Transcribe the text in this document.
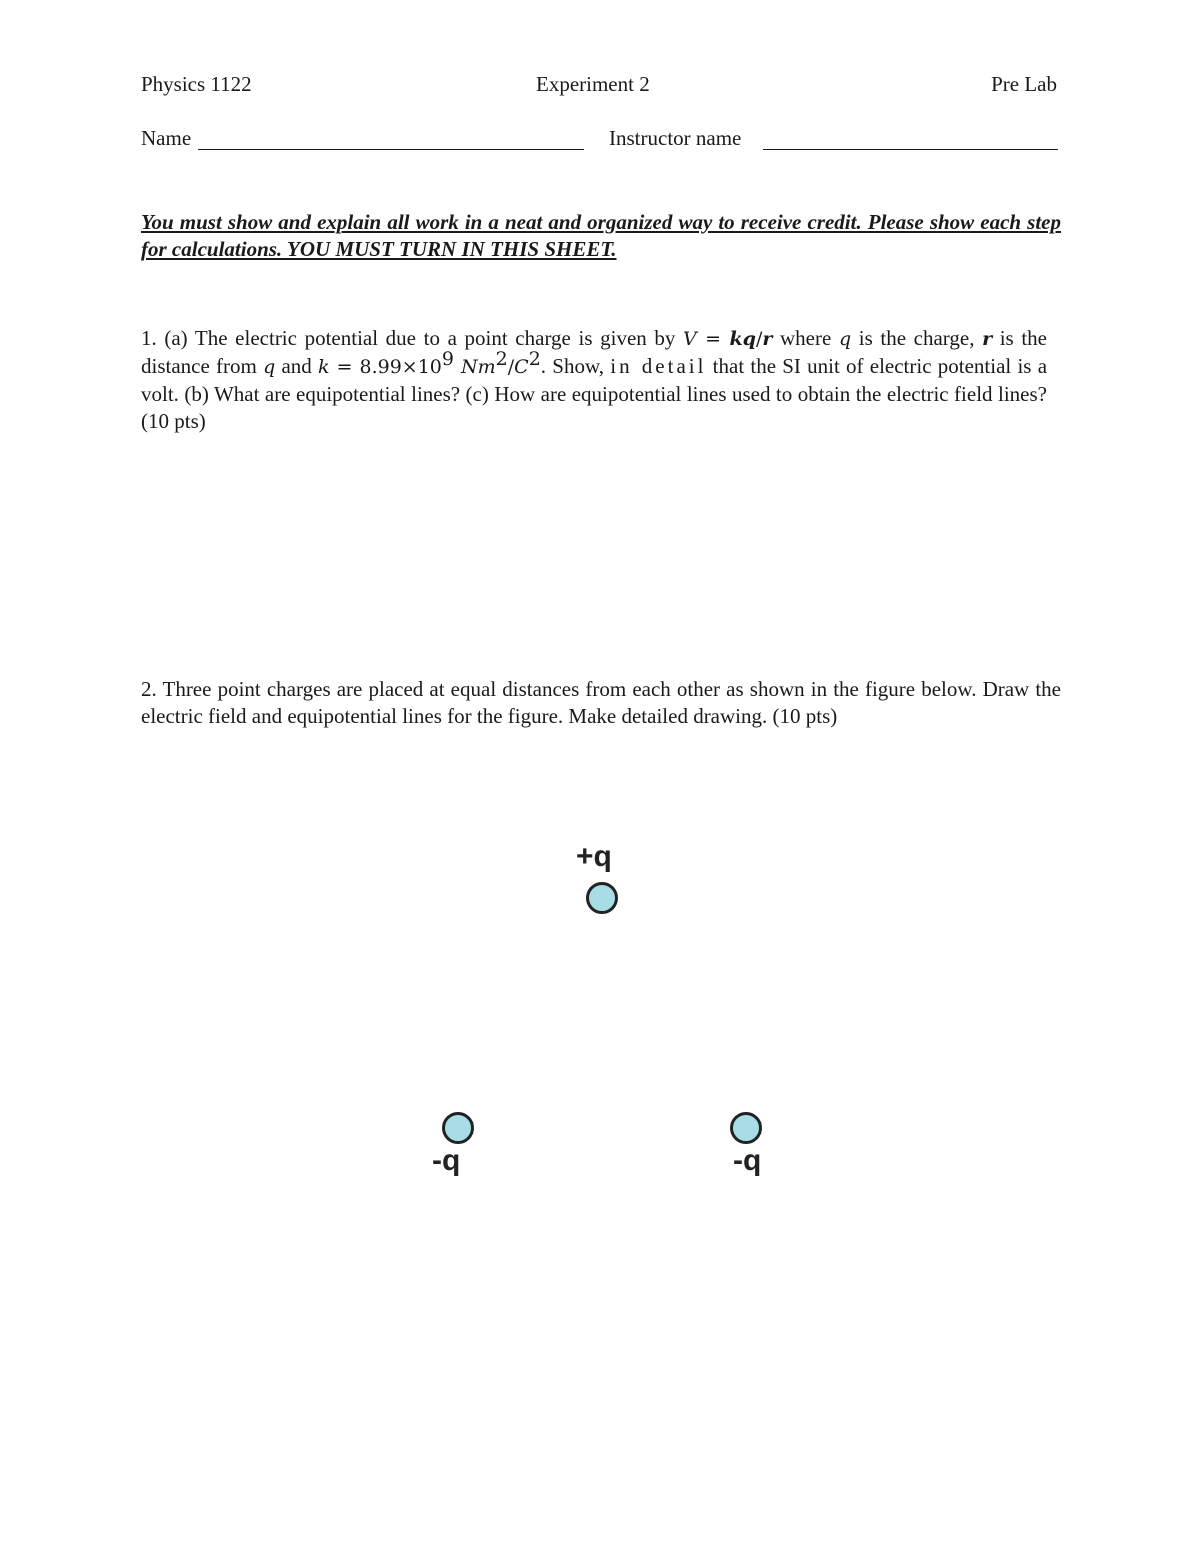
Physics 1122	Experiment 2	Pre Lab
Name	Instructor name
You must show and explain all work in a neat and organized way to receive credit. Please show each step for calculations. YOU MUST TURN IN THIS SHEET.
1. (a) The electric potential due to a point charge is given by V = kq/r where q is the charge, r is the distance from q and $k = 8.99\times 10^9$ $Nm^2/C^2$. Show, in detail that the SI unit of electric potential is a volt. (b) What are equipotential lines? (c) How are equipotential lines used to obtain the electric field lines? (10 pts)
2. Three point charges are placed at equal distances from each other as shown in the figure below. Draw the electric field and equipotential lines for the figure. Make detailed drawing. (10 pts)
+q
-q	-q
